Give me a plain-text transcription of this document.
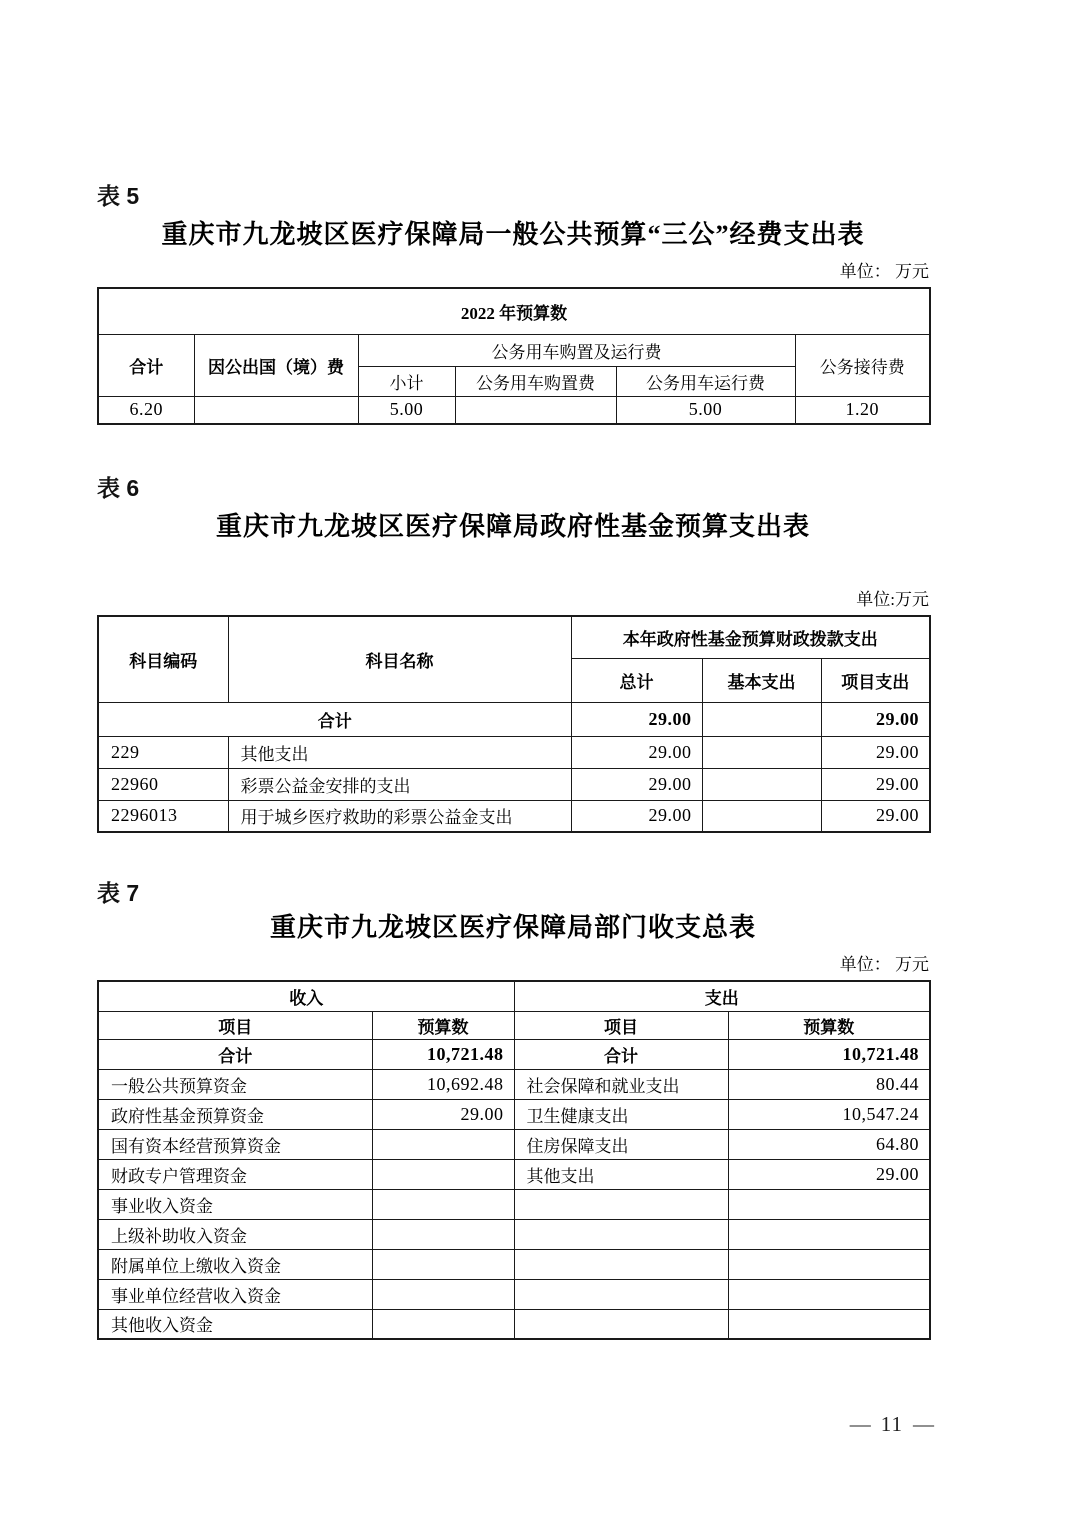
表 5
重庆市九龙坡区医疗保障局一般公共预算“三公”经费支出表
单位： 万元
2022 年预算数					
合计	因公出国（境）费	公务用车购置及运行费			公务接待费
		小计	公务用车购置费	公务用车运行费	
6.20		5.00		5.00	1.20
表 6
重庆市九龙坡区医疗保障局政府性基金预算支出表
单位:万元
科目编码	科目名称	本年政府性基金预算财政拨款支出		
		总计	基本支出	项目支出
合计		29.00		29.00
229	其他支出	29.00		29.00
22960	彩票公益金安排的支出	29.00		29.00
2296013	用于城乡医疗救助的彩票公益金支出	29.00		29.00
表 7
重庆市九龙坡区医疗保障局部门收支总表
单位： 万元
收入		支出	
项目	预算数	项目	预算数
合计	10,721.48	合计	10,721.48
一般公共预算资金	10,692.48	社会保障和就业支出	80.44
政府性基金预算资金	29.00	卫生健康支出	10,547.24
国有资本经营预算资金		住房保障支出	64.80
财政专户管理资金		其他支出	29.00
事业收入资金			
上级补助收入资金			
附属单位上缴收入资金			
事业单位经营收入资金			
其他收入资金			
— 11 —
